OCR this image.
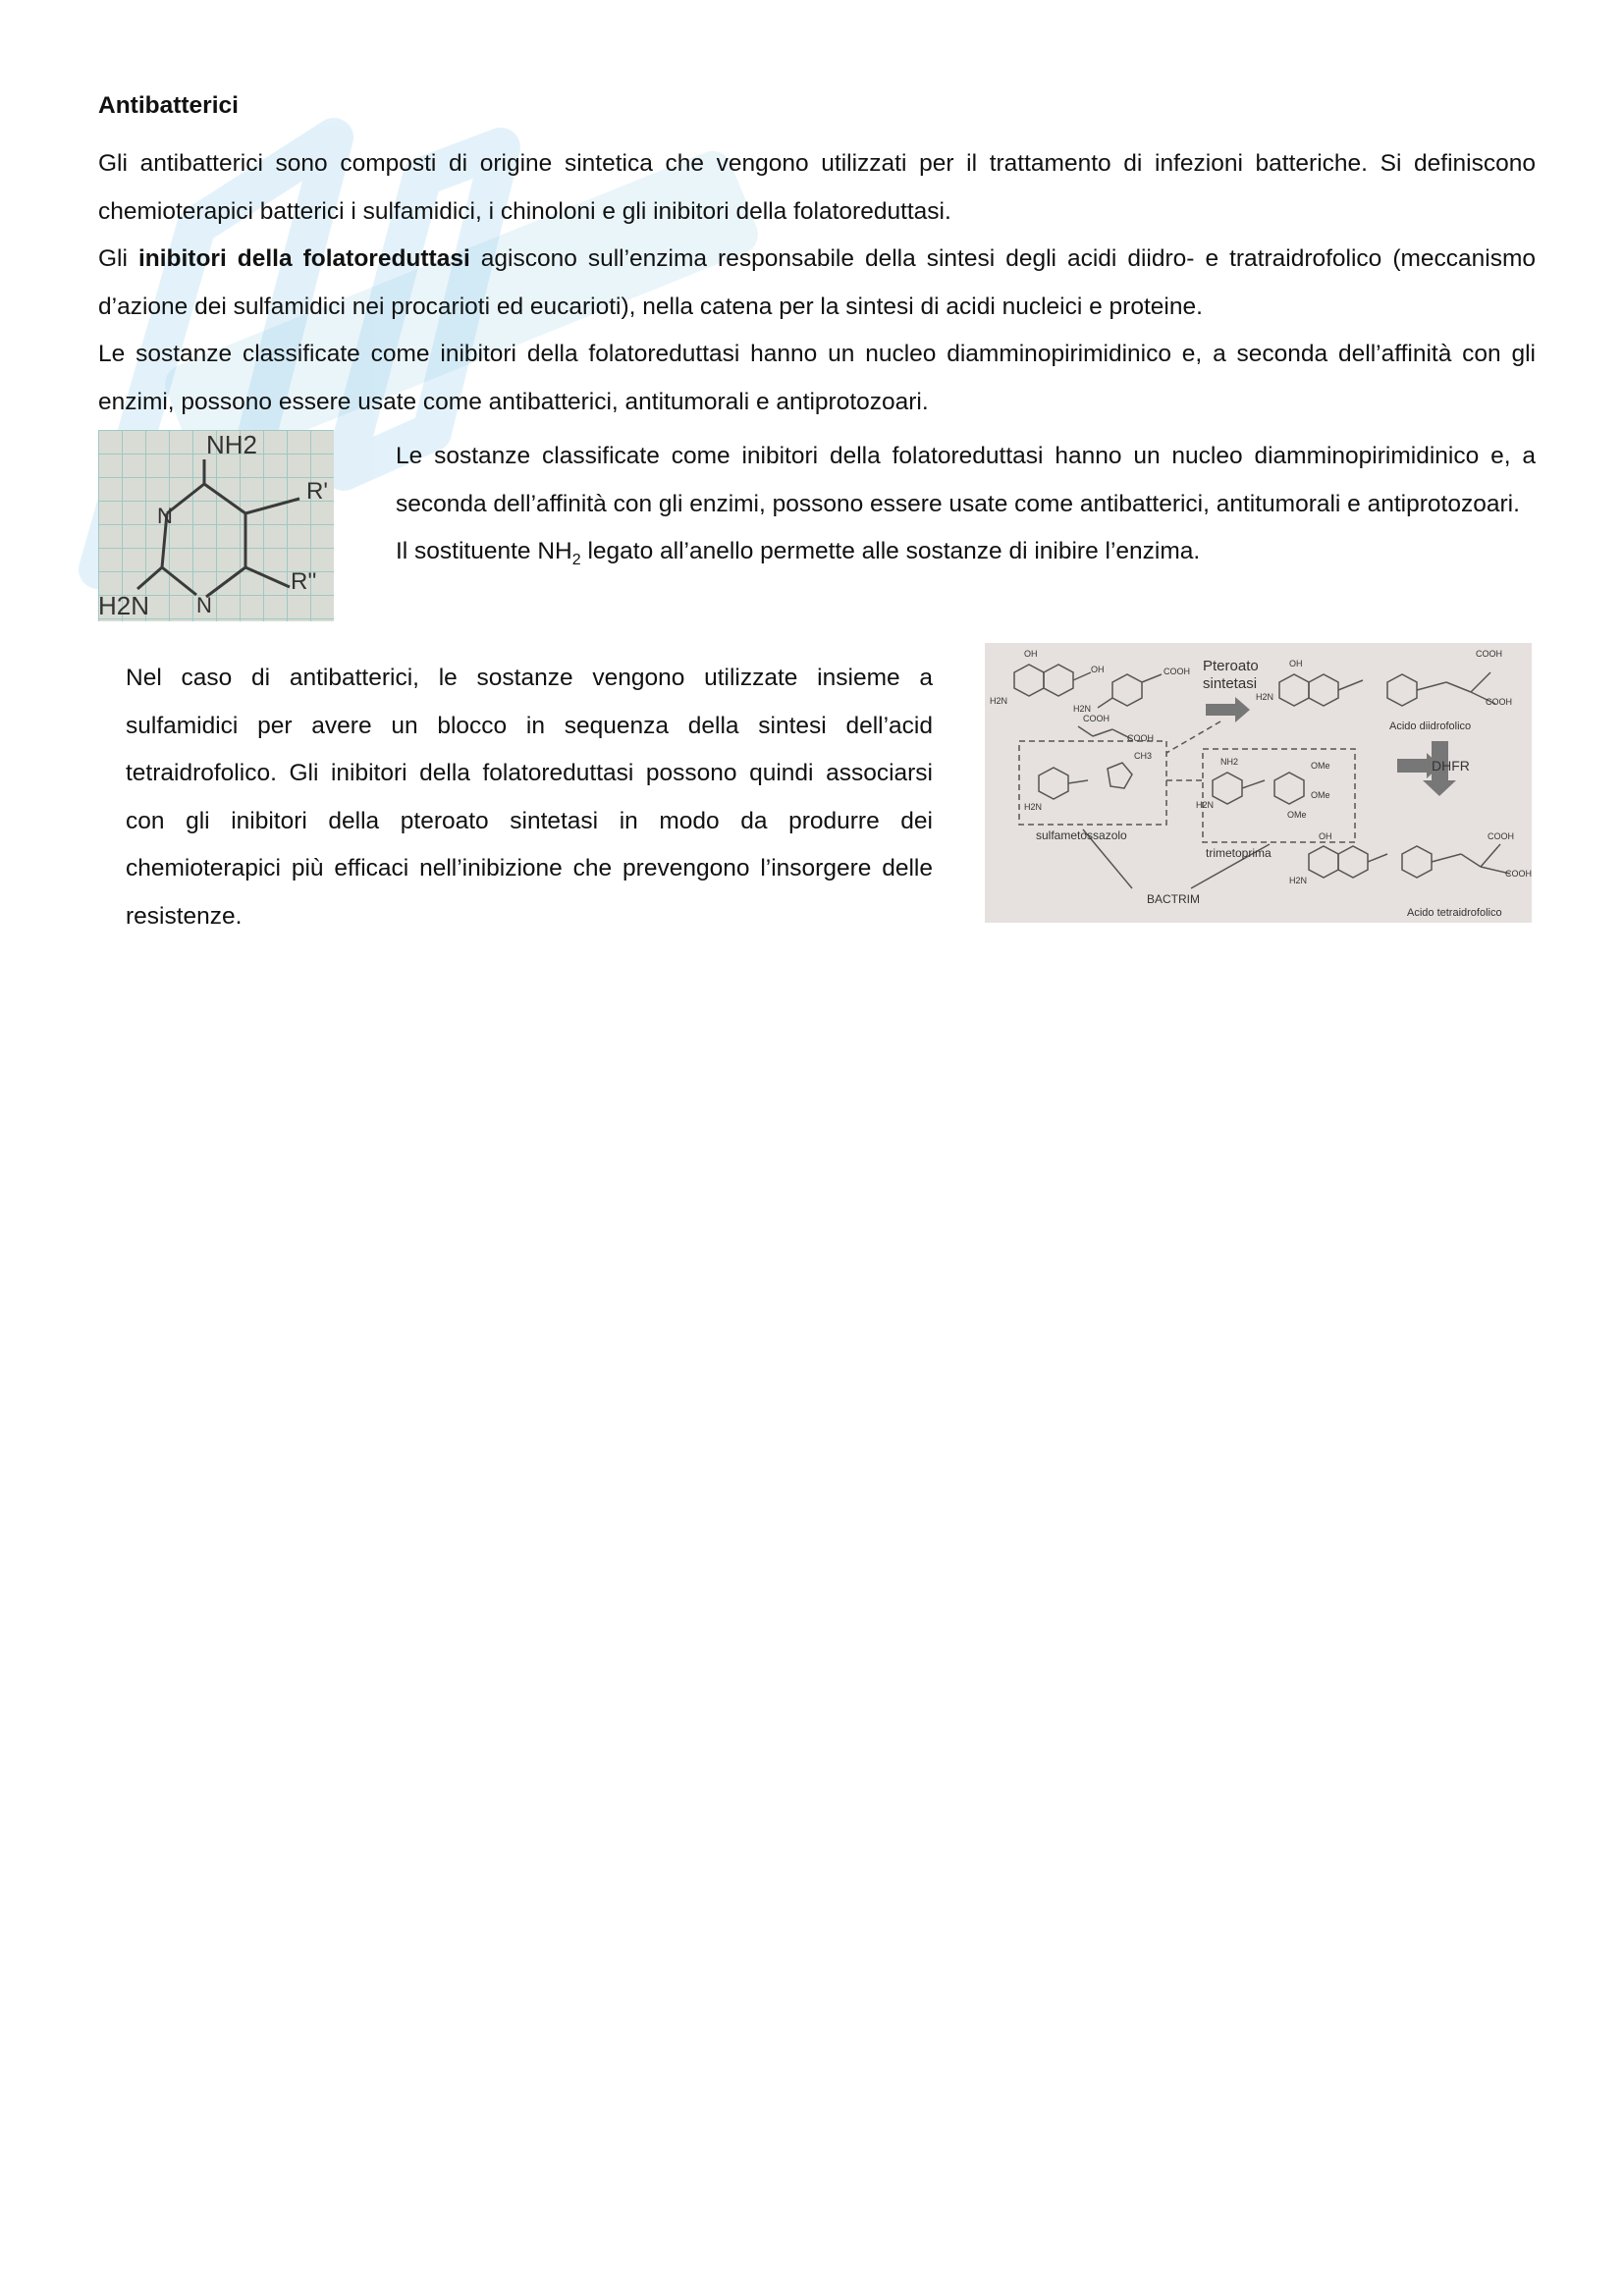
Antibatterici

Gli antibatterici sono composti di origine sintetica che vengono utilizzati per il trattamento di infezioni batteriche. Si definiscono chemioterapici batterici i sulfamidici, i chinoloni e gli inibitori della folatoreduttasi.

Gli inibitori della folatoreduttasi agiscono sull’enzima responsabile della sintesi degli acidi diidro- e tratraidrofolico (meccanismo d’azione dei sulfamidici nei procarioti ed eucarioti), nella catena per la sintesi di acidi nucleici e proteine.

Le sostanze classificate come inibitori della folatoreduttasi hanno un nucleo diamminopirimidinico e, a seconda dell’affinità con gli enzimi, possono essere usate come antibatterici, antitumorali e antiprotozoari.

NH2
R'
R''
H2N
N
N
Le sostanze classificate come inibitori della folatoreduttasi hanno un nucleo diamminopirimidinico e, a seconda dell’affinità con gli enzimi, possono essere usate come antibatterici, antitumorali e antiprotozoari.
Il sostituente $NH_2$ legato all’anello permette alle sostanze di inibire l’enzima.

Nel caso di antibatterici, le sostanze vengono utilizzate insieme a sulfamidici per avere un blocco in sequenza della sintesi dell’acid tetraidrofolico. Gli inibitori della folatoreduttasi possono quindi associarsi con gli inibitori della pteroato sintetasi in modo da produrre dei chemioterapici più efficaci nell’inibizione che prevengono l’insorgere delle resistenze.

Pteroato
sintetasi
Acido diidrofolico
DHFR
sulfametossazolo
trimetoprima
BACTRIM
Acido tetraidrofolico
COOH
COOH
COOH
COOH
COOH
COOH
COOH
OH
OH
OH
OH
H2N
H2N
H2N
H2N	H2N
H2N
NH2	OMe
OMe
OMe
CH3
